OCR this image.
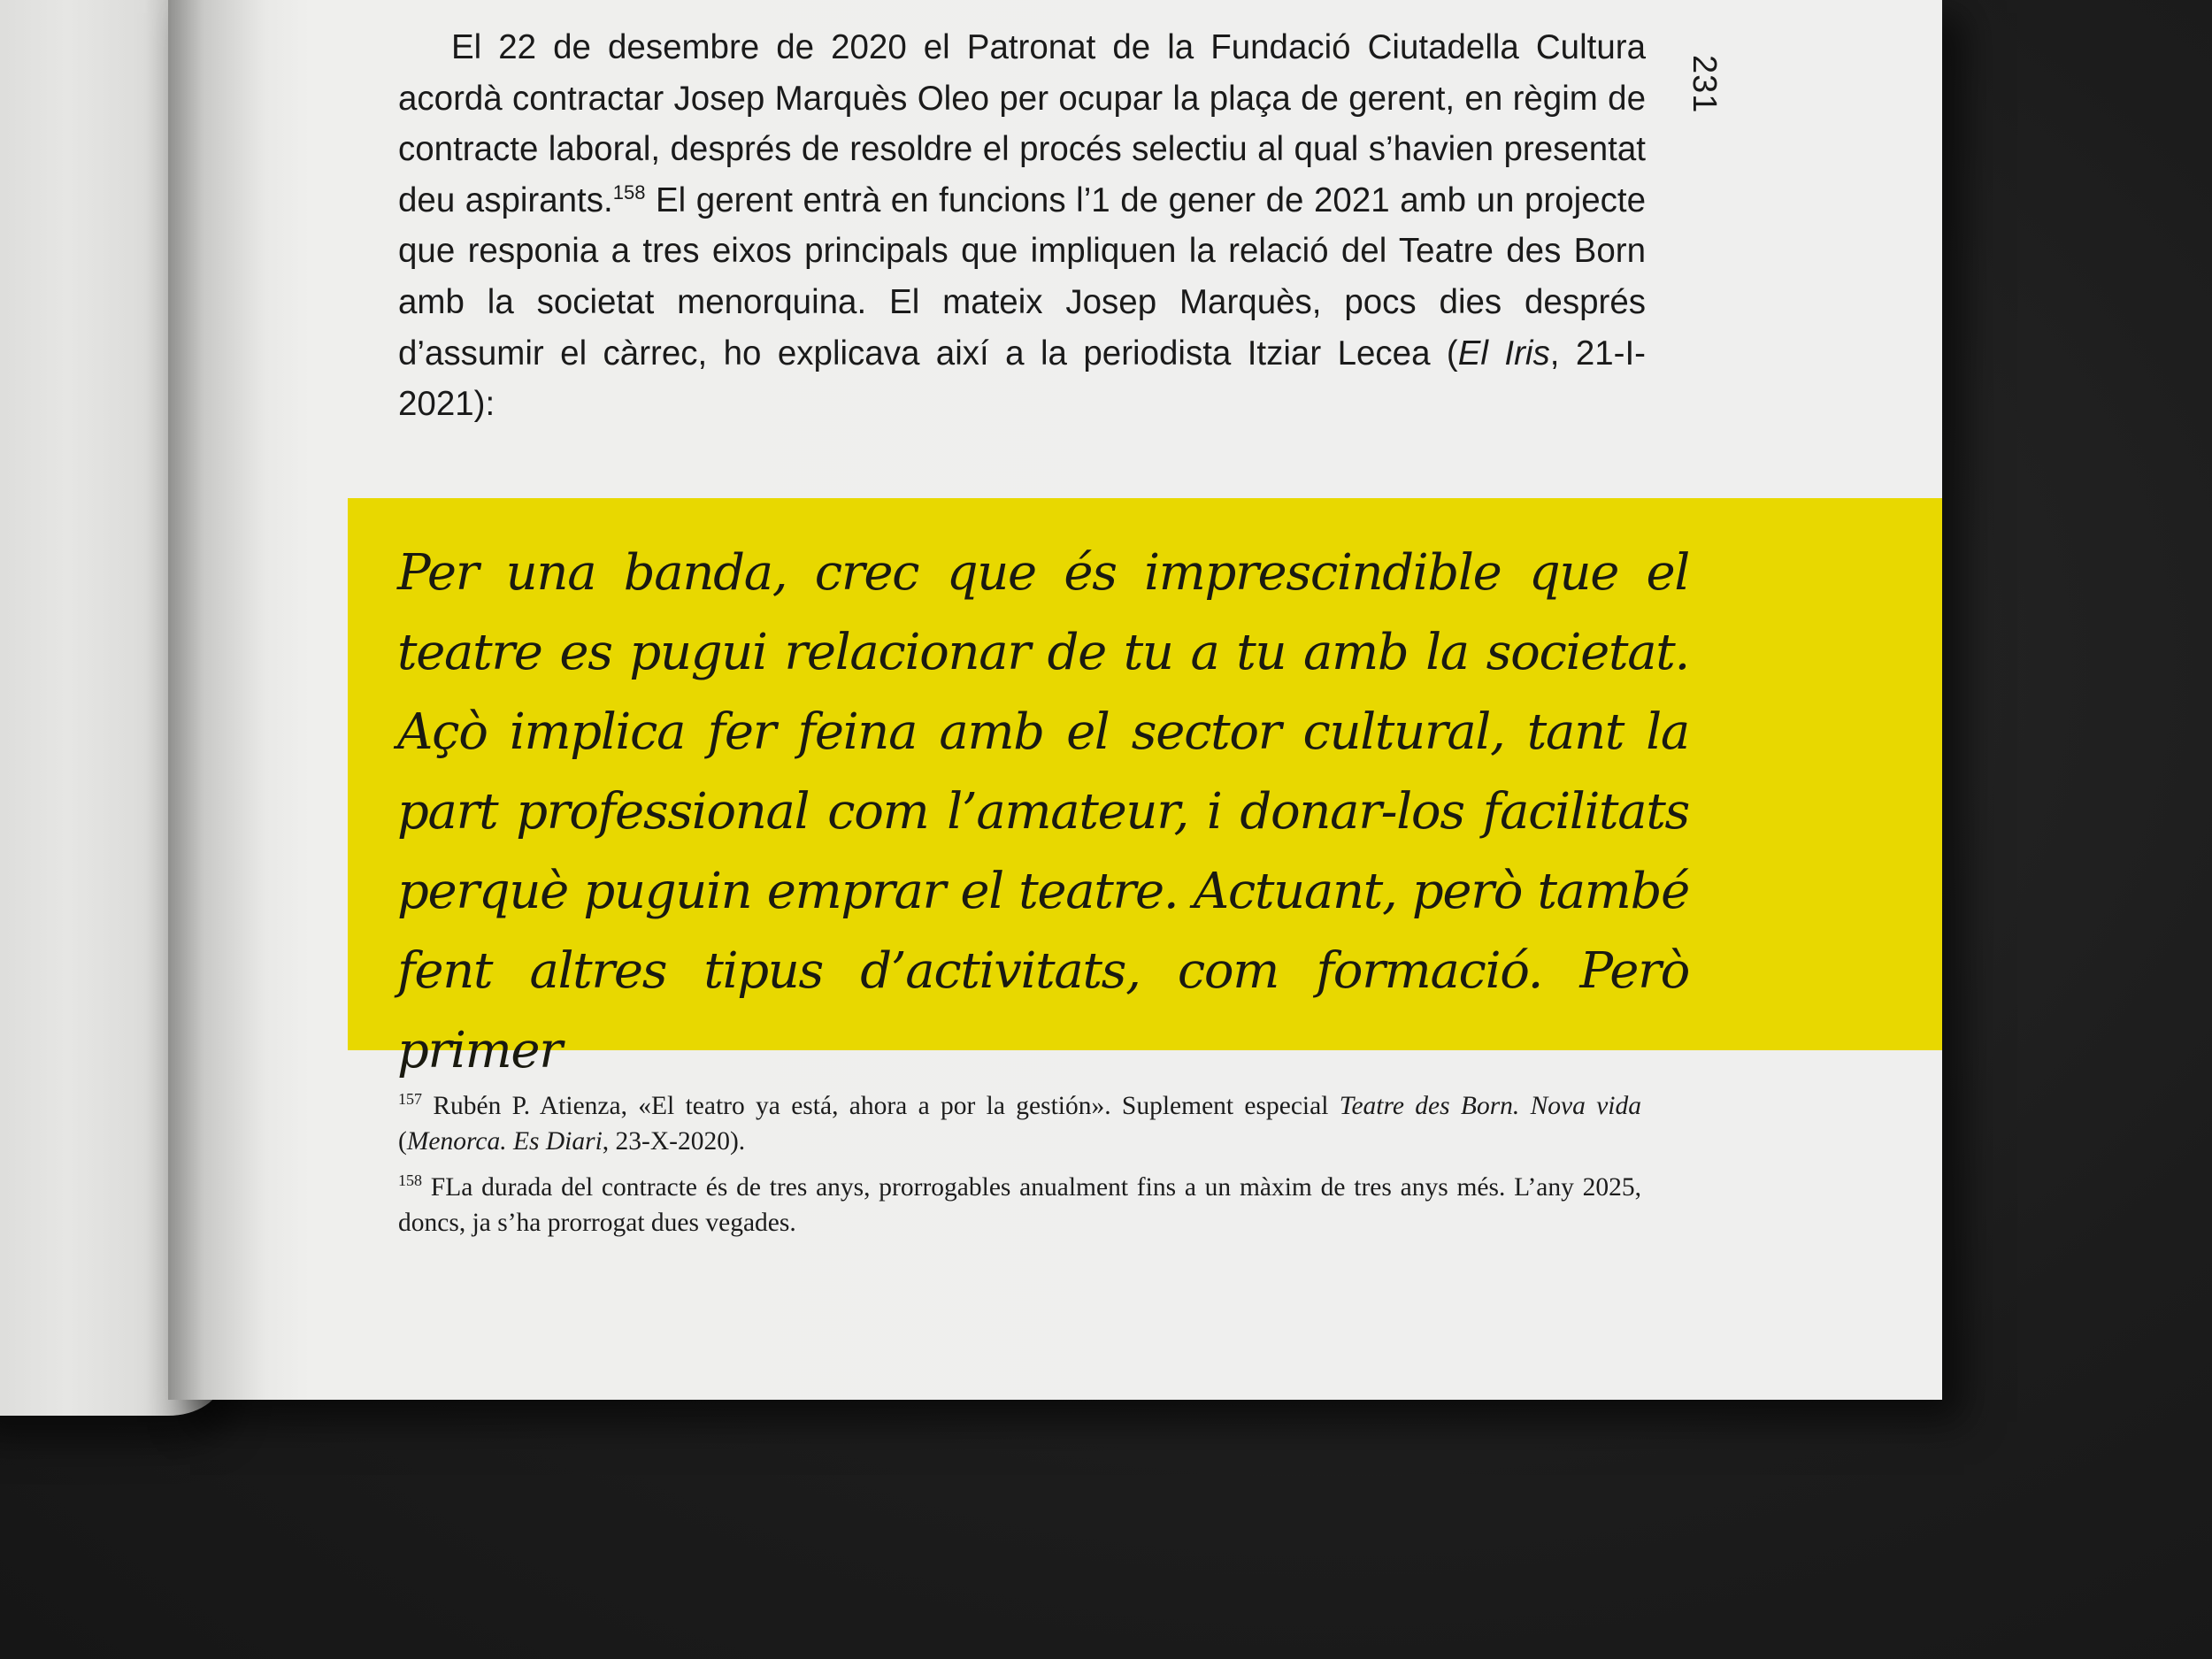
El 22 de desembre de 2020 el Patronat de la Fundació Ciutadella Cultura acordà contractar Josep Marquès Oleo per ocupar la plaça de gerent, en règim de contracte laboral, després de resoldre el procés selectiu al qual s’havien presentat deu aspirants.$^{158}$ El gerent entrà en funcions l’1 de gener de 2021 amb un projecte que responia a tres eixos principals que impliquen la relació del Teatre des Born amb la societat menorquina. El mateix Josep Marquès, pocs dies després d’assumir el càrrec, ho explicava així a la periodista Itziar Lecea (El Iris, 21-I-2021):

231

Per una banda, crec que és imprescindible que el teatre es pugui relacionar de tu a tu amb la societat. Açò implica fer feina amb el sector cultural, tant la part professional com l’amateur, i donar-los facilitats perquè puguin emprar el teatre. Actuant, però també fent altres tipus d’activitats, com formació. Però primer

$^{157}$ Rubén P. Atienza, «El teatro ya está, ahora a por la gestión». Suplement especial Teatre des Born. Nova vida (Menorca. Es Diari, 23-X-2020).

$^{158}$ FLa durada del contracte és de tres anys, prorrogables anualment fins a un màxim de tres anys més. L’any 2025, doncs, ja s’ha prorrogat dues vegades.
